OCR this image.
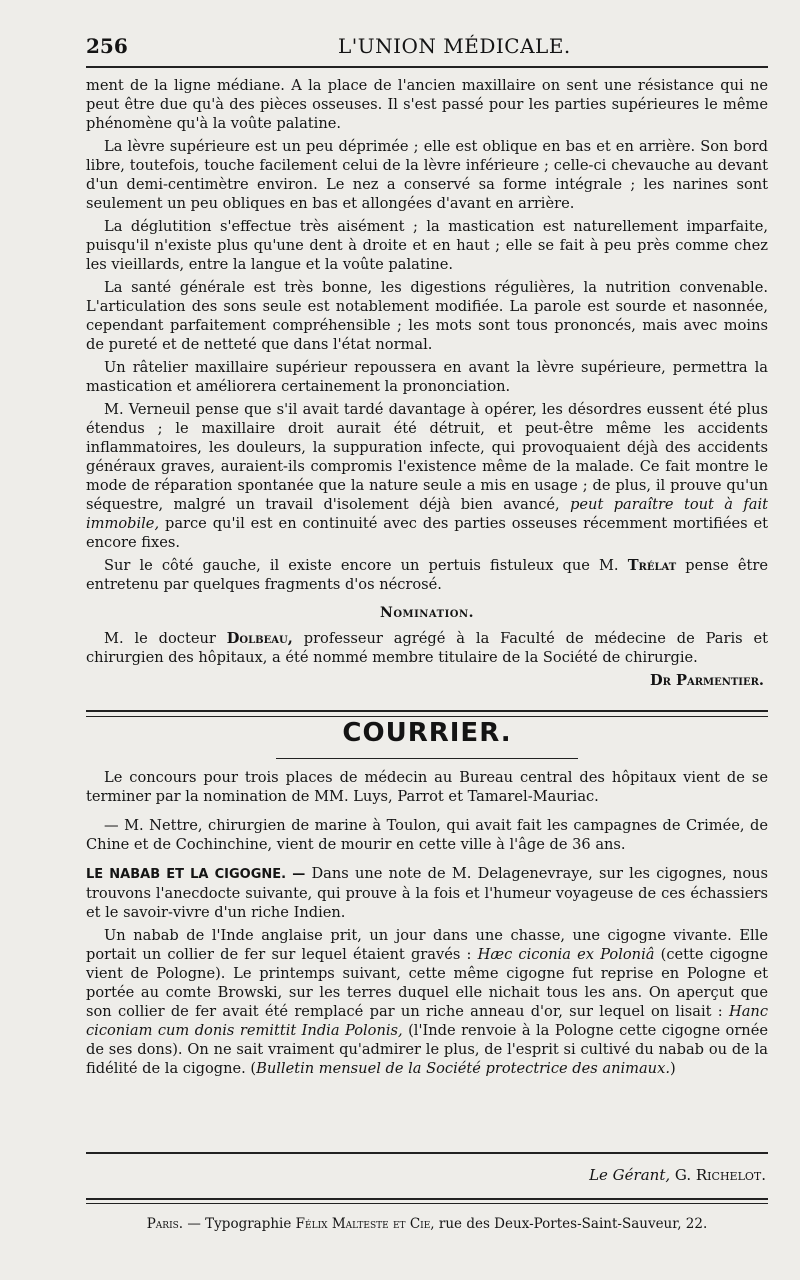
256	L'UNION MÉDICALE.

ment de la ligne médiane. A la place de l'ancien maxillaire on sent une résistance qui ne peut être due qu'à des pièces osseuses. Il s'est passé pour les parties supérieures le même phénomène qu'à la voûte palatine.

La lèvre supérieure est un peu déprimée ; elle est oblique en bas et en arrière. Son bord libre, toutefois, touche facilement celui de la lèvre inférieure ; celle-ci chevauche au devant d'un demi-centimètre environ. Le nez a conservé sa forme intégrale ; les narines sont seulement un peu obliques en bas et allongées d'avant en arrière.

La déglutition s'effectue très aisément ; la mastication est naturellement imparfaite, puisqu'il n'existe plus qu'une dent à droite et en haut ; elle se fait à peu près comme chez les vieillards, entre la langue et la voûte palatine.

La santé générale est très bonne, les digestions régulières, la nutrition convenable. L'articulation des sons seule est notablement modifiée. La parole est sourde et nasonnée, cependant parfaitement compréhensible ; les mots sont tous prononcés, mais avec moins de pureté et de netteté que dans l'état normal.

Un râtelier maxillaire supérieur repoussera en avant la lèvre supérieure, permettra la mastication et améliorera certainement la prononciation.

M. Verneuil pense que s'il avait tardé davantage à opérer, les désordres eussent été plus étendus ; le maxillaire droit aurait été détruit, et peut-être même les accidents inflammatoires, les douleurs, la suppuration infecte, qui provoquaient déjà des accidents généraux graves, auraient-ils compromis l'existence même de la malade. Ce fait montre le mode de réparation spontanée que la nature seule a mis en usage ; de plus, il prouve qu'un séquestre, malgré un travail d'isolement déjà bien avancé, peut paraître tout à fait immobile, parce qu'il est en continuité avec des parties osseuses récemment mortifiées et encore fixes.

Sur le côté gauche, il existe encore un pertuis fistuleux que M. Trélat pense être entretenu par quelques fragments d'os nécrosé.

Nomination.

M. le docteur Dolbeau, professeur agrégé à la Faculté de médecine de Paris et chirurgien des hôpitaux, a été nommé membre titulaire de la Société de chirurgie.

Dr Parmentier.
COURRIER.

Le concours pour trois places de médecin au Bureau central des hôpitaux vient de se terminer par la nomination de MM. Luys, Parrot et Tamarel-Mauriac.

— M. Nettre, chirurgien de marine à Toulon, qui avait fait les campagnes de Crimée, de Chine et de Cochinchine, vient de mourir en cette ville à l'âge de 36 ans.

LE NABAB ET LA CIGOGNE. — Dans une note de M. Delagenevraye, sur les cigognes, nous trouvons l'anecdocte suivante, qui prouve à la fois et l'humeur voyageuse de ces échassiers et le savoir-vivre d'un riche Indien.

Un nabab de l'Inde anglaise prit, un jour dans une chasse, une cigogne vivante. Elle portait un collier de fer sur lequel étaient gravés : Hæc ciconia ex Poloniâ (cette cigogne vient de Pologne). Le printemps suivant, cette même cigogne fut reprise en Pologne et portée au comte Browski, sur les terres duquel elle nichait tous les ans. On aperçut que son collier de fer avait été remplacé par un riche anneau d'or, sur lequel on lisait : Hanc ciconiam cum donis remittit India Polonis, (l'Inde renvoie à la Pologne cette cigogne ornée de ses dons). On ne sait vraiment qu'admirer le plus, de l'esprit si cultivé du nabab ou de la fidélité de la cigogne. (Bulletin mensuel de la Société protectrice des animaux.)

Le Gérant, G. Richelot.
Paris. — Typographie Félix Malteste et Cie, rue des Deux-Portes-Saint-Sauveur, 22.
